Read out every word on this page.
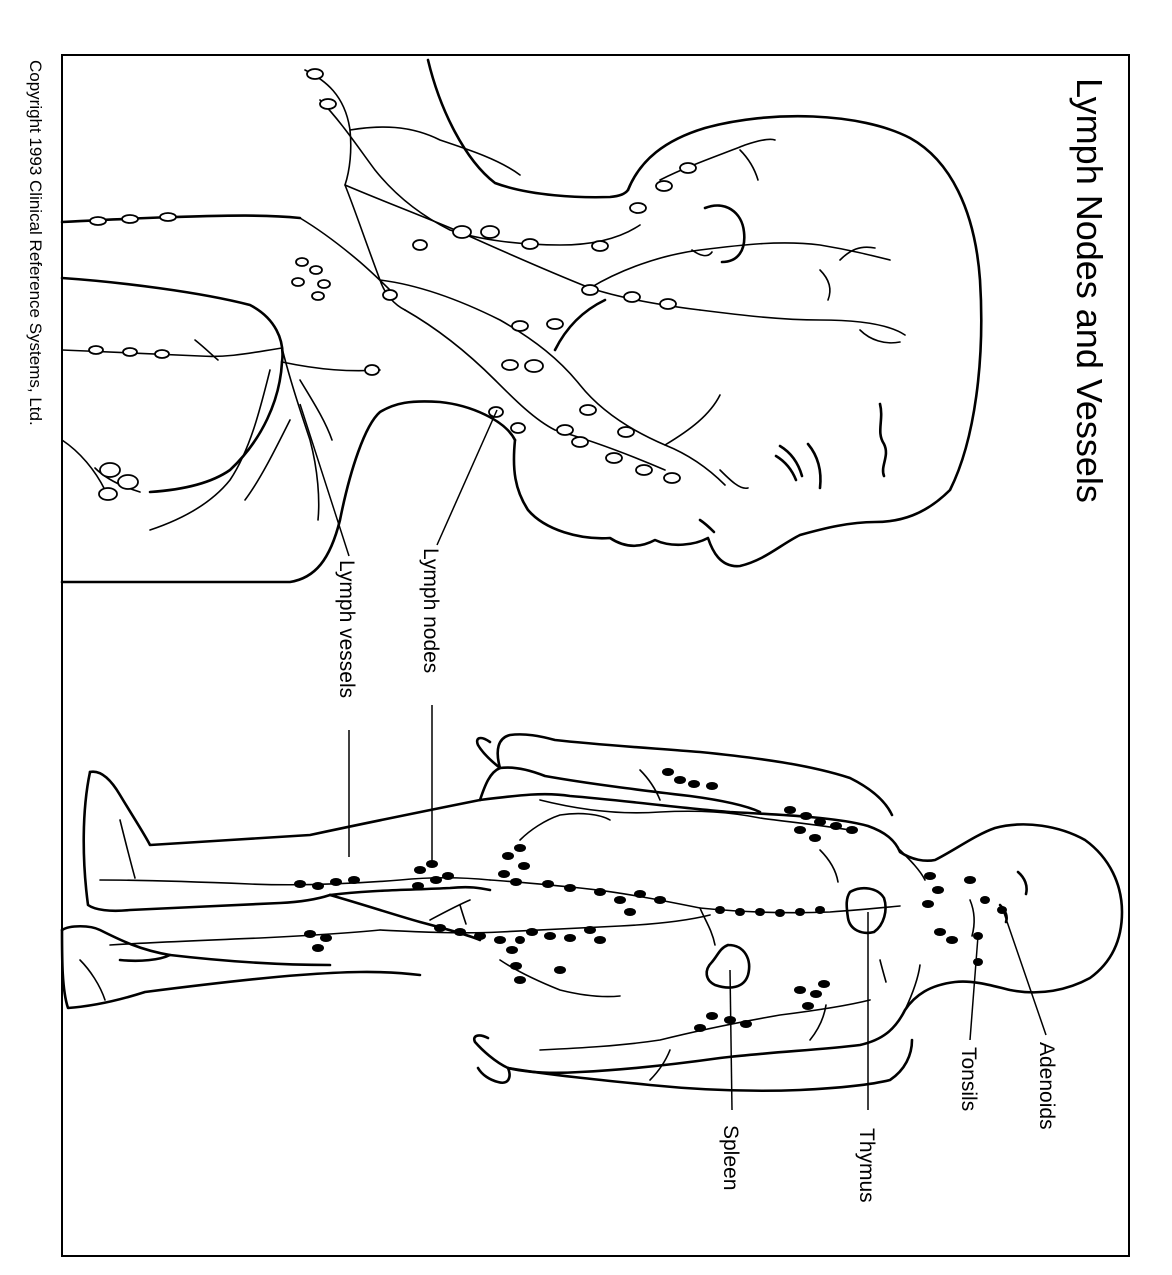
Lymph Nodes and Vessels
Lymph vessels	Lymph nodes
Spleen	Thymus
Tonsils	Adenoids
Copyright 1993 Clinical Reference Systems, Ltd.
